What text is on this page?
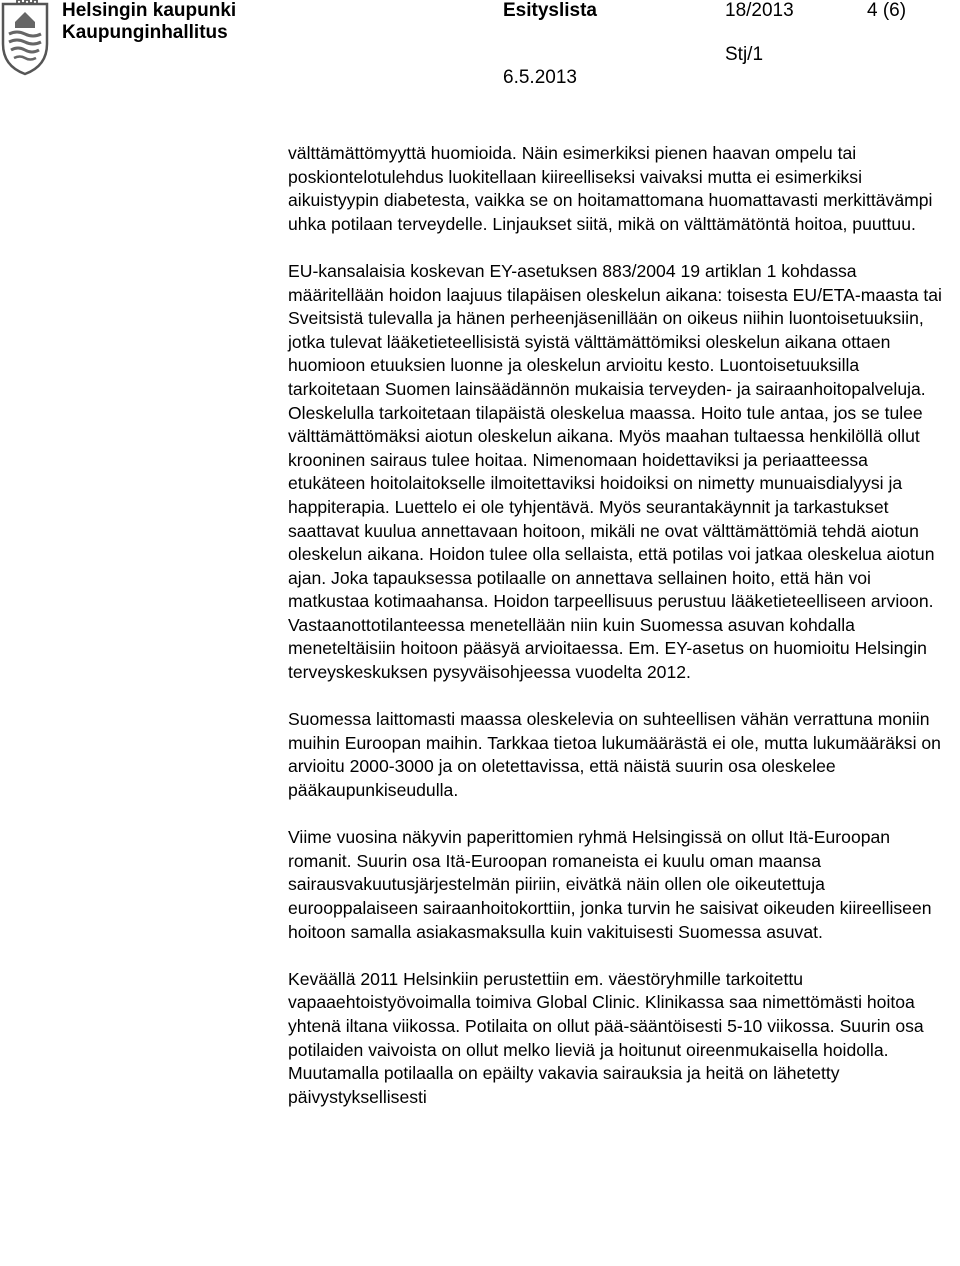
Helsingin kaupunki
Kaupunginhallitus
Esityslista	18/2013	4 (6)
Stj/1
6.5.2013

välttämättömyyttä huomioida. Näin esimerkiksi pienen haavan ompelu tai poskiontelotulehdus luokitellaan kiireelliseksi vaivaksi mutta ei esimerkiksi aikuistyypin diabetesta, vaikka se on hoitamattomana huomattavasti merkittävämpi uhka potilaan terveydelle. Linjaukset siitä, mikä on välttämätöntä hoitoa, puuttuu.

EU-kansalaisia koskevan EY-asetuksen 883/2004 19 artiklan 1 kohdassa määritellään hoidon laajuus tilapäisen oleskelun aikana: toisesta EU/ETA-maasta tai Sveitsistä tulevalla ja hänen perheenjäsenillään on oikeus niihin luontoisetuuksiin, jotka tulevat lääketieteellisistä syistä välttämättömiksi oleskelun aikana ottaen huomioon etuuksien luonne ja oleskelun arvioitu kesto. Luontoisetuuksilla tarkoitetaan Suomen lainsäädännön mukaisia terveyden- ja sairaanhoitopalveluja. Oleskelulla tarkoitetaan tilapäistä oleskelua maassa. Hoito tule antaa, jos se tulee välttämättömäksi aiotun oleskelun aikana. Myös maahan tultaessa henkilöllä ollut krooninen sairaus tulee hoitaa. Nimenomaan hoidettaviksi ja periaatteessa etukäteen hoitolaitokselle ilmoitettaviksi hoidoiksi on nimetty munuaisdialyysi ja happiterapia. Luettelo ei ole tyhjentävä. Myös seurantakäynnit ja tarkastukset saattavat kuulua annettavaan hoitoon, mikäli ne ovat välttämättömiä tehdä aiotun oleskelun aikana. Hoidon tulee olla sellaista, että potilas voi jatkaa oleskelua aiotun ajan. Joka tapauksessa potilaalle on annettava sellainen hoito, että hän voi matkustaa kotimaahansa. Hoidon tarpeellisuus perustuu lääketieteelliseen arvioon. Vastaanottotilanteessa menetellään niin kuin Suomessa asuvan kohdalla meneteltäisiin hoitoon pääsyä arvioitaessa. Em. EY-asetus on huomioitu Helsingin terveyskeskuksen pysyväisohjeessa vuodelta 2012.

Suomessa laittomasti maassa oleskelevia on suhteellisen vähän verrattuna moniin muihin Euroopan maihin. Tarkkaa tietoa lukumäärästä ei ole, mutta lukumääräksi on arvioitu 2000-3000 ja on oletettavissa, että näistä suurin osa oleskelee pääkaupunkiseudulla.

Viime vuosina näkyvin paperittomien ryhmä Helsingissä on ollut Itä-Euroopan romanit. Suurin osa Itä-Euroopan romaneista ei kuulu oman maansa sairausvakuutusjärjestelmän piiriin, eivätkä näin ollen ole oikeutettuja eurooppalaiseen sairaanhoitokorttiin, jonka turvin he saisivat oikeuden kiireelliseen hoitoon samalla asiakasmaksulla kuin vakituisesti Suomessa asuvat.

Keväällä 2011 Helsinkiin perustettiin em. väestöryhmille tarkoitettu vapaaehtoistyövoimalla toimiva Global Clinic. Klinikassa saa nimettömästi hoitoa yhtenä iltana viikossa. Potilaita on ollut pää-sääntöisesti 5-10 viikossa. Suurin osa potilaiden vaivoista on ollut melko lieviä ja hoitunut oireenmukaisella hoidolla. Muutamalla potilaalla on epäilty vakavia sairauksia ja heitä on lähetetty päivystyksellisesti
